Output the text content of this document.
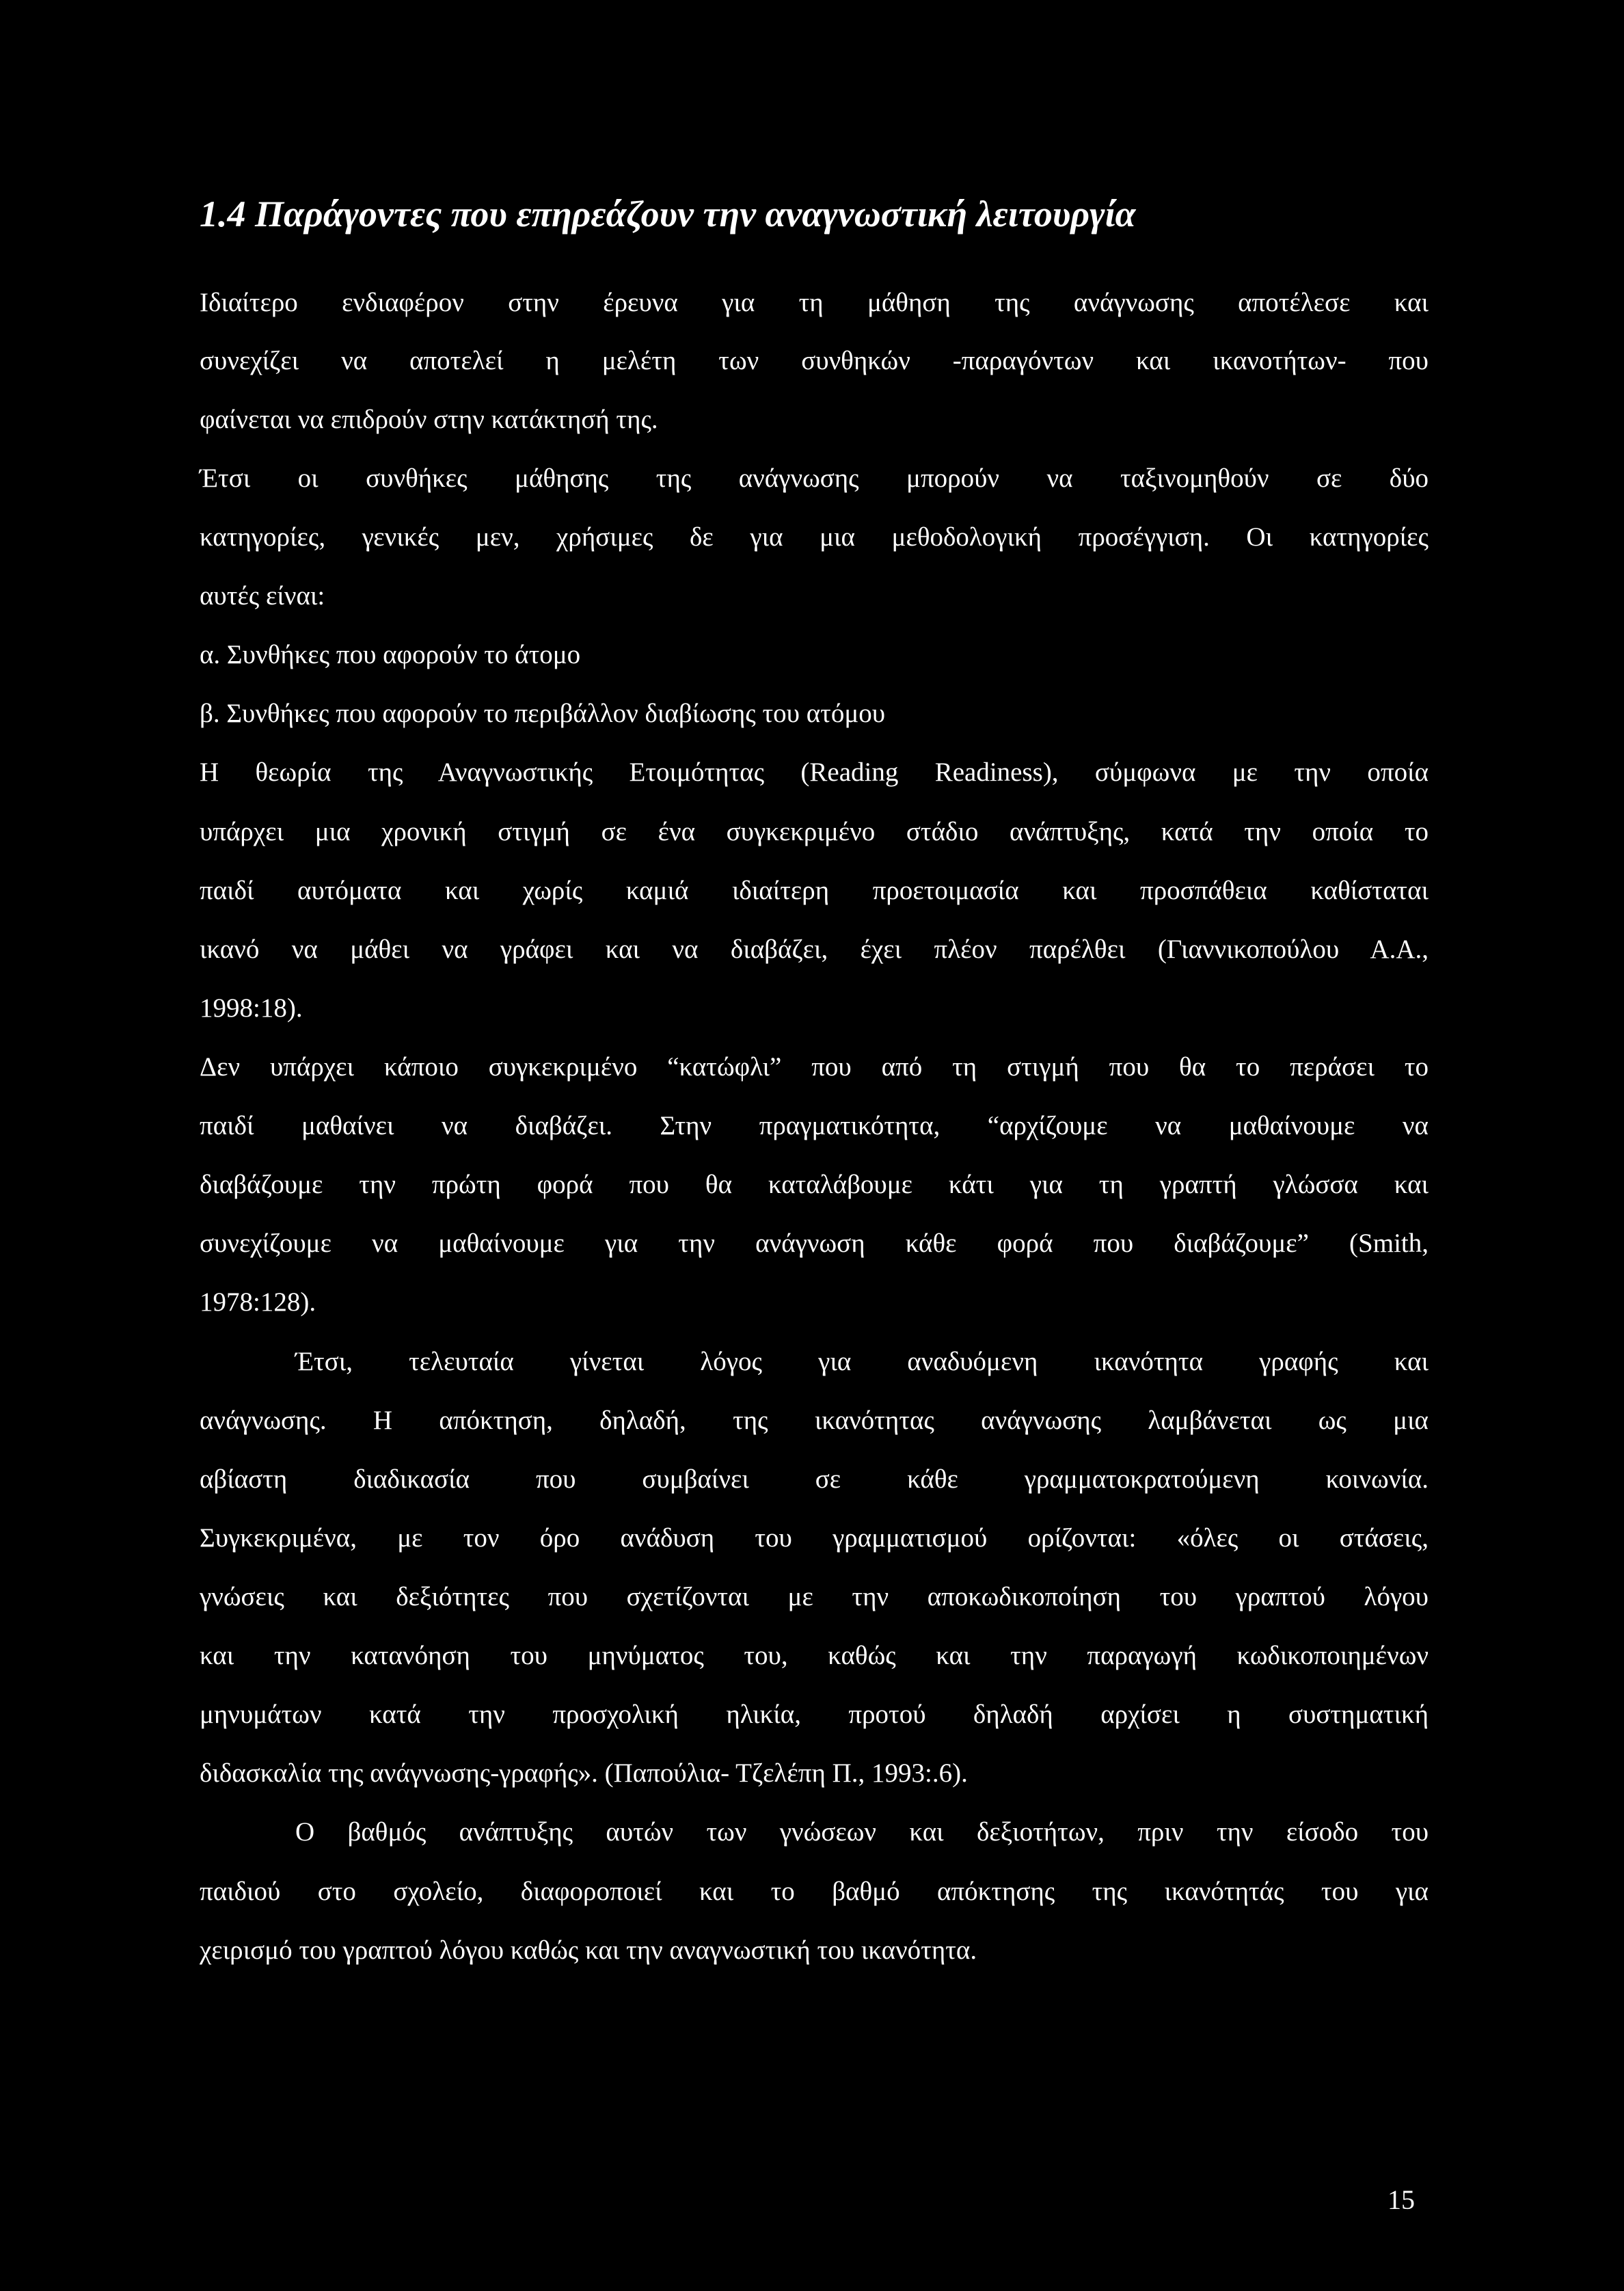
1.4 Παράγοντες που επηρεάζουν την αναγνωστική λειτουργία
Ιδιαίτερο ενδιαφέρον στην έρευνα για τη μάθηση της ανάγνωσης αποτέλεσε και
συνεχίζει να αποτελεί η μελέτη των συνθηκών -παραγόντων και ικανοτήτων- που
φαίνεται να επιδρούν στην κατάκτησή της.
Έτσι οι συνθήκες μάθησης της ανάγνωσης μπορούν να ταξινομηθούν σε δύο
κατηγορίες, γενικές μεν, χρήσιμες δε για μια μεθοδολογική προσέγγιση. Οι κατηγορίες
αυτές είναι:
α. Συνθήκες που αφορούν το άτομο
β. Συνθήκες που αφορούν το περιβάλλον διαβίωσης του ατόμου
Η θεωρία της Αναγνωστικής Ετοιμότητας (Reading Readiness), σύμφωνα με την οποία
υπάρχει μια χρονική στιγμή σε ένα συγκεκριμένο στάδιο ανάπτυξης, κατά την οποία το
παιδί αυτόματα και χωρίς καμιά ιδιαίτερη προετοιμασία και προσπάθεια καθίσταται
ικανό να μάθει να γράφει και να διαβάζει, έχει πλέον παρέλθει (Γιαννικοπούλου Α.Α.,
1998:18).
Δεν υπάρχει κάποιο συγκεκριμένο “κατώφλι” που από τη στιγμή που θα το περάσει το
παιδί μαθαίνει να διαβάζει. Στην πραγματικότητα, “αρχίζουμε να μαθαίνουμε να
διαβάζουμε την πρώτη φορά που θα καταλάβουμε κάτι για τη γραπτή γλώσσα και
συνεχίζουμε να μαθαίνουμε για την ανάγνωση κάθε φορά που διαβάζουμε” (Smith,
1978:128).
Έτσι, τελευταία γίνεται λόγος για αναδυόμενη ικανότητα γραφής και
ανάγνωσης. Η απόκτηση, δηλαδή, της ικανότητας ανάγνωσης λαμβάνεται ως μια
αβίαστη διαδικασία που συμβαίνει σε κάθε γραμματοκρατούμενη κοινωνία.
Συγκεκριμένα, με τον όρο ανάδυση του γραμματισμού ορίζονται: «όλες οι στάσεις,
γνώσεις και δεξιότητες που σχετίζονται με την αποκωδικοποίηση του γραπτού λόγου
και την κατανόηση του μηνύματος του, καθώς και την παραγωγή κωδικοποιημένων
μηνυμάτων κατά την προσχολική ηλικία, προτού δηλαδή αρχίσει η συστηματική
διδασκαλία της ανάγνωσης-γραφής». (Παπούλια- Τζελέπη Π., 1993:.6).
Ο βαθμός ανάπτυξης αυτών των γνώσεων και δεξιοτήτων, πριν την είσοδο του
παιδιού στο σχολείο, διαφοροποιεί και το βαθμό απόκτησης της ικανότητάς του για
χειρισμό του γραπτού λόγου καθώς και την αναγνωστική του ικανότητα.
15
